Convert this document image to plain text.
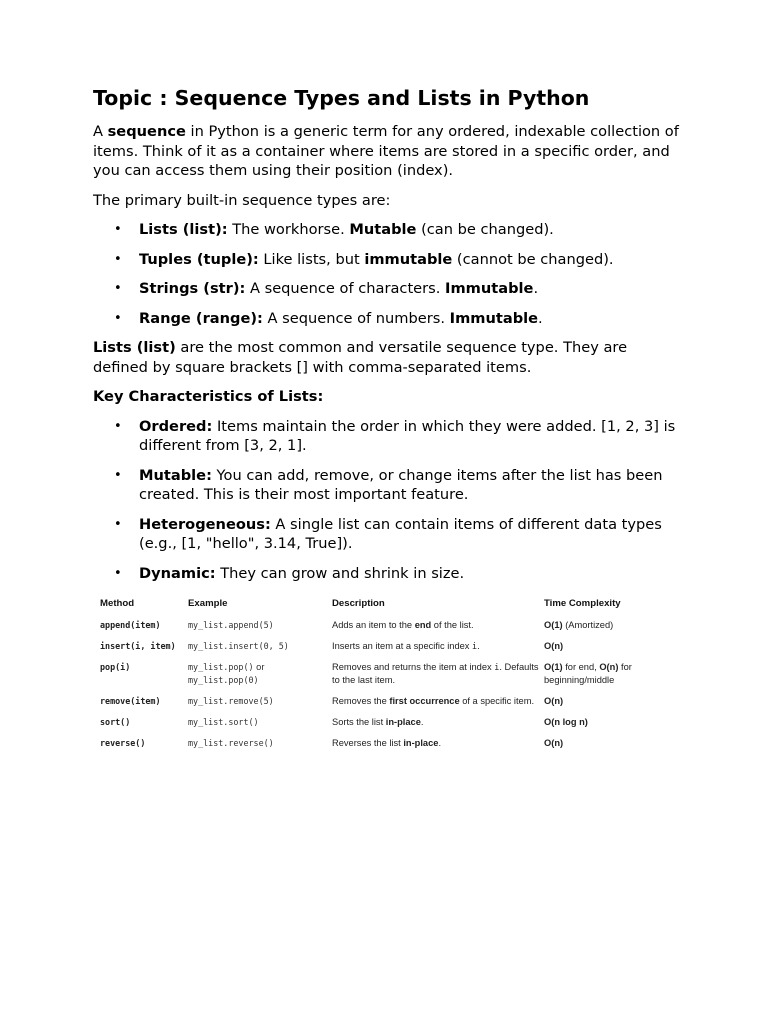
Topic : Sequence Types and Lists in Python

A sequence in Python is a generic term for any ordered, indexable collection of items. Think of it as a container where items are stored in a specific order, and you can access them using their position (index).

The primary built-in sequence types are:

• Lists (list): The workhorse. Mutable (can be changed).
• Tuples (tuple): Like lists, but immutable (cannot be changed).
• Strings (str): A sequence of characters. Immutable.
• Range (range): A sequence of numbers. Immutable.

Lists (list) are the most common and versatile sequence type. They are defined by square brackets [] with comma-separated items.

Key Characteristics of Lists:

• Ordered: Items maintain the order in which they were added. [1, 2, 3] is different from [3, 2, 1].
• Mutable: You can add, remove, or change items after the list has been created. This is their most important feature.
• Heterogeneous: A single list can contain items of different data types (e.g., [1, "hello", 3.14, True]).
• Dynamic: They can grow and shrink in size.
Method	Example	Description	Time Complexity
append(item)	my_list.append(5)	Adds an item to the end of the list.	O(1) (Amortized)
insert(i, item)	my_list.insert(0, 5)	Inserts an item at a specific index i.	O(n)
pop(i)	my_list.pop() or
my_list.pop(0)	Removes and returns the item at index i. Defaults to the last item.	O(1) for end, O(n) for beginning/middle
remove(item)	my_list.remove(5)	Removes the first occurrence of a specific item.	O(n)
sort()	my_list.sort()	Sorts the list in-place.	O(n log n)
reverse()	my_list.reverse()	Reverses the list in-place.	O(n)
